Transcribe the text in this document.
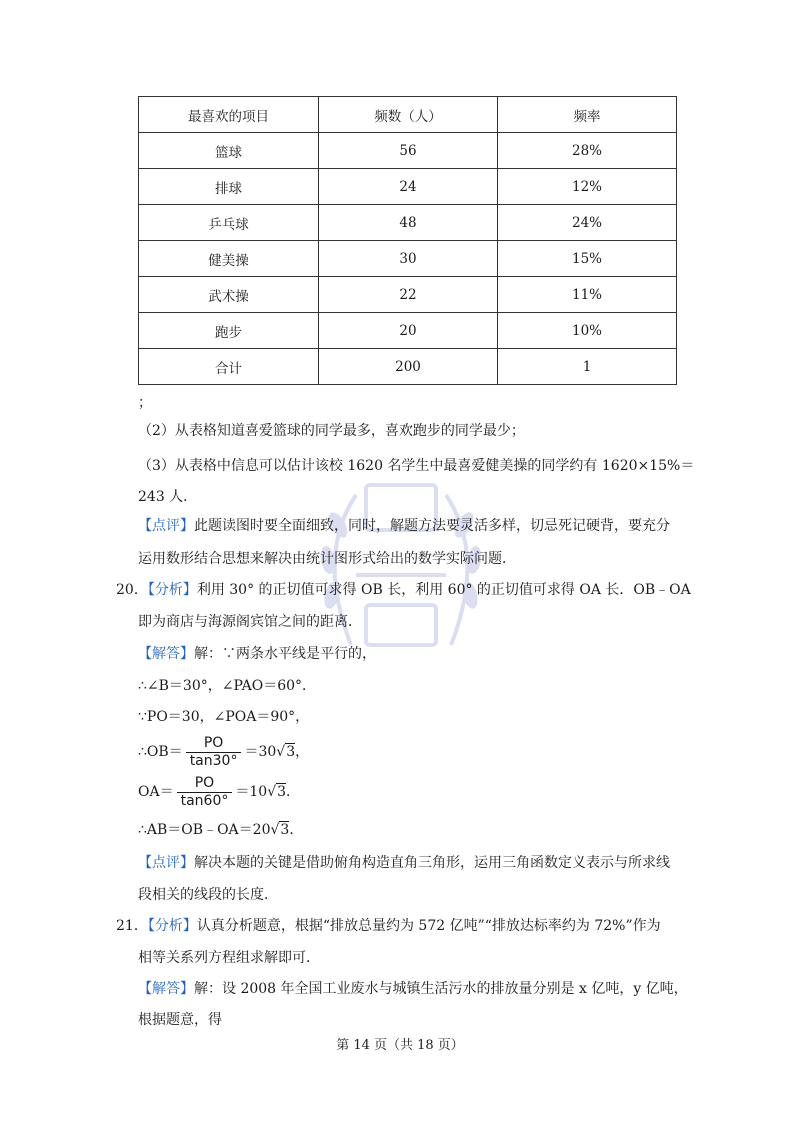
最喜欢的项目	频数（人）	频率
篮球	56	28%
排球	24	12%
乒乓球	48	24%
健美操	30	15%
武术操	22	11%
跑步	20	10%
合计	200	1
；
（2）从表格知道喜爱篮球的同学最多，喜欢跑步的同学最少；
（3）从表格中信息可以估计该校 1620 名学生中最喜爱健美操的同学约有 1620×15%＝
243 人．
【点评】此题读图时要全面细致，同时，解题方法要灵活多样，切忌死记硬背，要充分
运用数形结合思想来解决由统计图形式给出的数学实际问题．
20．【分析】利用 30° 的正切值可求得 OB 长，利用 60° 的正切值可求得 OA 长．OB﹣OA
即为商店与海源阁宾馆之间的距离．
【解答】解：∵两条水平线是平行的，
∴∠B＝30°，∠PAO＝60°．
∵PO＝30，∠POA＝90°，
∴OB＝ $\frac{PO}{\tan 30^\circ} =30√3$，
$OA= \frac{PO}{\tan 60^\circ} =10√3$．
∴AB＝OB﹣OA＝20√3．
【点评】解决本题的关键是借助俯角构造直角三角形，运用三角函数定义表示与所求线
段相关的线段的长度．
21．【分析】认真分析题意，根据“排放总量约为 572 亿吨”“排放达标率约为 72%”作为
相等关系列方程组求解即可．
【解答】解：设 2008 年全国工业废水与城镇生活污水的排放量分别是 x 亿吨，y 亿吨，
根据题意，得
第 14 页（共 18 页）
